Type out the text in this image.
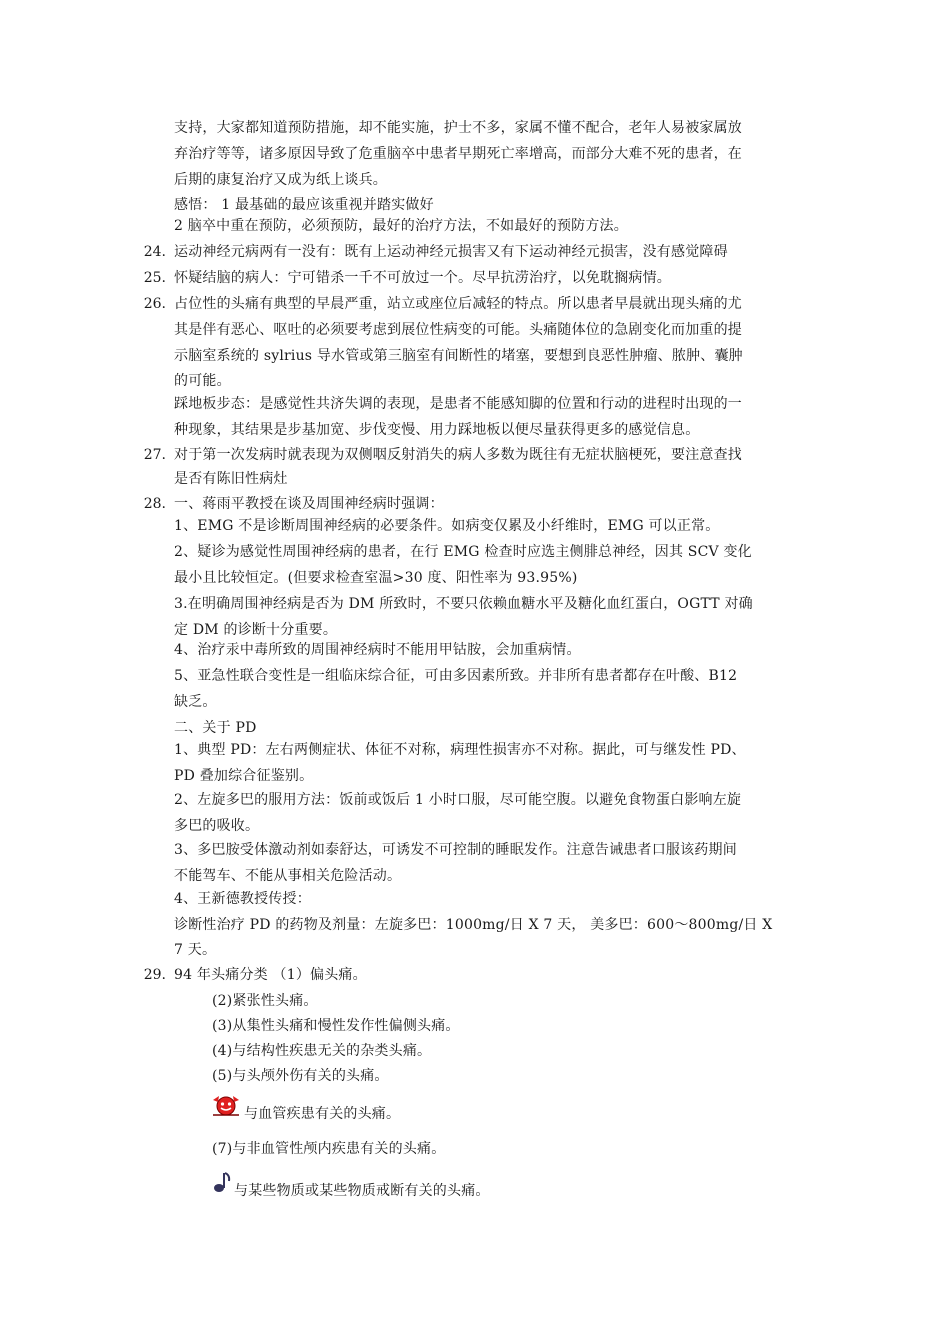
支持，大家都知道预防措施，却不能实施，护士不多，家属不懂不配合，老年人易被家属放
弃治疗等等，诸多原因导致了危重脑卒中患者早期死亡率增高，而部分大难不死的患者，在
后期的康复治疗又成为纸上谈兵。
感悟： 1 最基础的最应该重视并踏实做好
2 脑卒中重在预防，必须预防，最好的治疗方法，不如最好的预防方法。
24. 运动神经元病两有一没有：既有上运动神经元损害又有下运动神经元损害，没有感觉障碍
25. 怀疑结脑的病人：宁可错杀一千不可放过一个。尽早抗涝治疗，以免耽搁病情。
26. 占位性的头痛有典型的早晨严重，站立或座位后减轻的特点。所以患者早晨就出现头痛的尤
其是伴有恶心、呕吐的必须要考虑到展位性病变的可能。头痛随体位的急剧变化而加重的提
示脑室系统的 sylrius 导水管或第三脑室有间断性的堵塞，要想到良恶性肿瘤、脓肿、囊肿
的可能。
踩地板步态：是感觉性共济失调的表现，是患者不能感知脚的位置和行动的进程时出现的一
种现象，其结果是步基加宽、步伐变慢、用力踩地板以便尽量获得更多的感觉信息。
27. 对于第一次发病时就表现为双侧咽反射消失的病人多数为既往有无症状脑梗死，要注意查找
是否有陈旧性病灶
28. 一、蒋雨平教授在谈及周围神经病时强调：
1、EMG 不是诊断周围神经病的必要条件。如病变仅累及小纤维时，EMG 可以正常。
2、疑诊为感觉性周围神经病的患者，在行 EMG 检查时应选主侧腓总神经，因其 SCV 变化
最小且比较恒定。(但要求检查室温>30 度、阳性率为 93.95%)
3.在明确周围神经病是否为 DM 所致时，不要只依赖血糖水平及糖化血红蛋白，OGTT 对确
定 DM 的诊断十分重要。
4、治疗汞中毒所致的周围神经病时不能用甲钴胺，会加重病情。
5、亚急性联合变性是一组临床综合征，可由多因素所致。并非所有患者都存在叶酸、B12
缺乏。
二、关于 PD
1、典型 PD：左右两侧症状、体征不对称，病理性损害亦不对称。据此，可与继发性 PD、
PD 叠加综合征鉴别。
2、左旋多巴的服用方法：饭前或饭后 1 小时口服，尽可能空腹。以避免食物蛋白影响左旋
多巴的吸收。
3、多巴胺受体激动剂如泰舒达，可诱发不可控制的睡眠发作。注意告诫患者口服该药期间
不能驾车、不能从事相关危险活动。
4、王新德教授传授：
诊断性治疗 PD 的药物及剂量：左旋多巴：1000mg/日 X 7 天， 美多巴：600～800mg/日 X
7 天。
29. 94 年头痛分类 （1）偏头痛。
(2)紧张性头痛。
(3)从集性头痛和慢性发作性偏侧头痛。
(4)与结构性疾患无关的杂类头痛。
(5)与头颅外伤有关的头痛。
与血管疾患有关的头痛。
(7)与非血管性颅内疾患有关的头痛。
与某些物质或某些物质戒断有关的头痛。
